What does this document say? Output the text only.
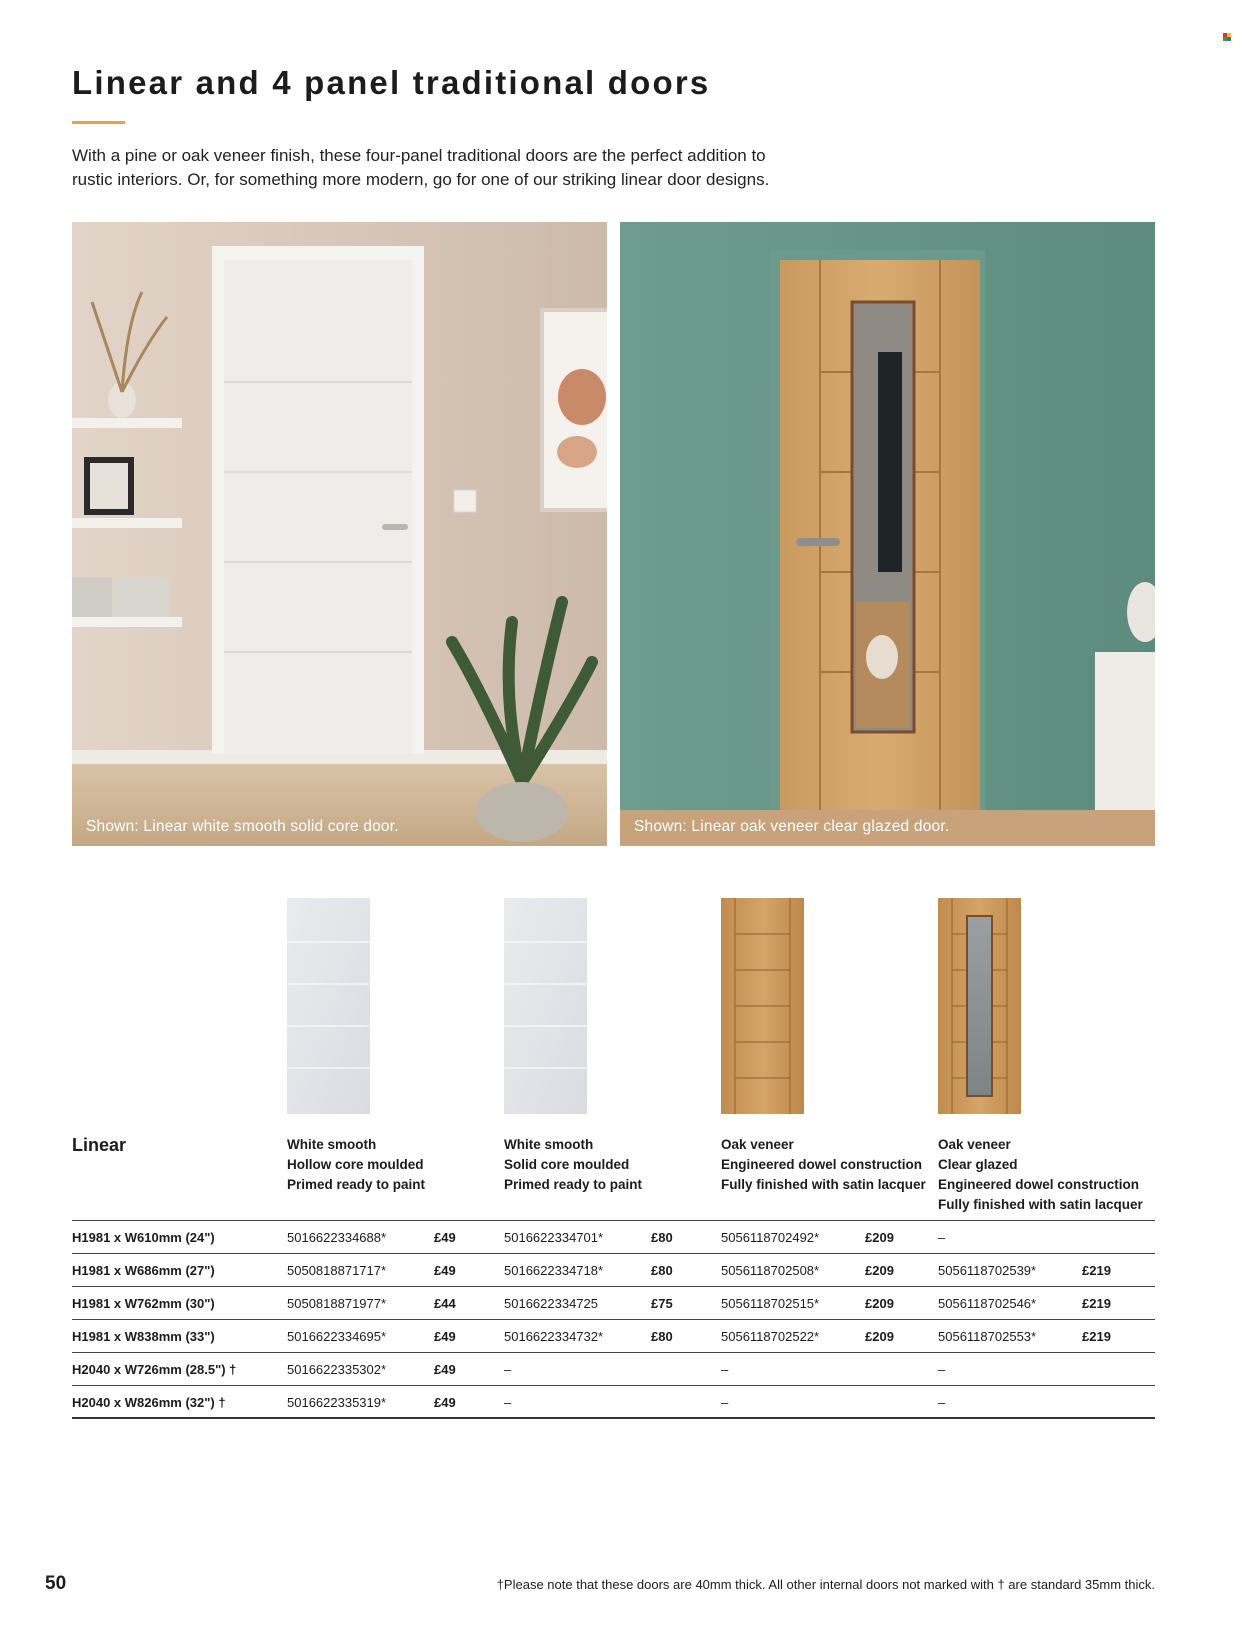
Linear and 4 panel traditional doors
With a pine or oak veneer finish, these four-panel traditional doors are the perfect addition to
rustic interiors. Or, for something more modern, go for one of our striking linear door designs.
Shown: Linear white smooth solid core door.	Shown: Linear oak veneer clear glazed door.
Linear	White smooth
Hollow core moulded
Primed ready to paint
White smooth
Solid core moulded
Primed ready to paint
Oak veneer
Engineered dowel construction
Fully finished with satin lacquer
Oak veneer
Clear glazed
Engineered dowel construction
Fully finished with satin lacquer
H1981 x W610mm (24")	5016622334688*	£49	5016622334701*	£80	5056118702492*	£209	–
H1981 x W686mm (27")	5050818871717*	£49	5016622334718*	£80	5056118702508*	£209	5056118702539*	£219
H1981 x W762mm (30")	5050818871977*	£44	5016622334725	£75	5056118702515*	£209	5056118702546*	£219
H1981 x W838mm (33")	5016622334695*	£49	5016622334732*	£80	5056118702522*	£209	5056118702553*	£219
H2040 x W726mm (28.5") †	5016622335302*	£49	–	–	–
H2040 x W826mm (32") †	5016622335319*	£49	–	–	–
50	†Please note that these doors are 40mm thick. All other internal doors not marked with † are standard 35mm thick.
